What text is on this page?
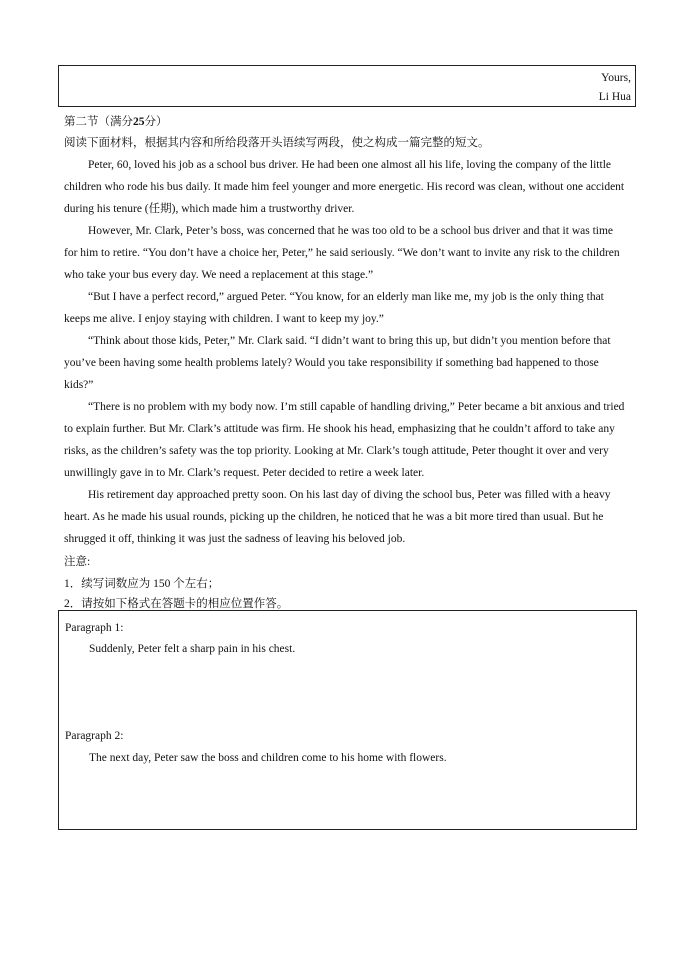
Yours,
Li Hua
第二节（满分25分）
阅读下面材料，根据其内容和所给段落开头语续写两段，使之构成一篇完整的短文。

Peter, 60, loved his job as a school bus driver. He had been one almost all his life, loving the company of the little children who rode his bus daily. It made him feel younger and more energetic. His record was clean, without one accident during his tenure (任期), which made him a trustworthy driver.

However, Mr. Clark, Peter’s boss, was concerned that he was too old to be a school bus driver and that it was time for him to retire. “You don’t have a choice her, Peter,” he said seriously. “We don’t want to invite any risk to the children who take your bus every day. We need a replacement at this stage.”

“But I have a perfect record,” argued Peter. “You know, for an elderly man like me, my job is the only thing that keeps me alive. I enjoy staying with children. I want to keep my joy.”

“Think about those kids, Peter,” Mr. Clark said. “I didn’t want to bring this up, but didn’t you mention before that you’ve been having some health problems lately? Would you take responsibility if something bad happened to those kids?”

“There is no problem with my body now. I’m still capable of handling driving,” Peter became a bit anxious and tried to explain further. But Mr. Clark’s attitude was firm. He shook his head, emphasizing that he couldn’t afford to take any risks, as the children’s safety was the top priority. Looking at Mr. Clark’s tough attitude, Peter thought it over and very unwillingly gave in to Mr. Clark’s request. Peter decided to retire a week later.

His retirement day approached pretty soon. On his last day of diving the school bus, Peter was filled with a heavy heart. As he made his usual rounds, picking up the children, he noticed that he was a bit more tired than usual. But he shrugged it off, thinking it was just the sadness of leaving his beloved job.

注意:
1．续写词数应为 150 个左右；
2．请按如下格式在答题卡的相应位置作答。
Paragraph 1:
Suddenly, Peter felt a sharp pain in his chest.
Paragraph 2:
The next day, Peter saw the boss and children come to his home with flowers.
